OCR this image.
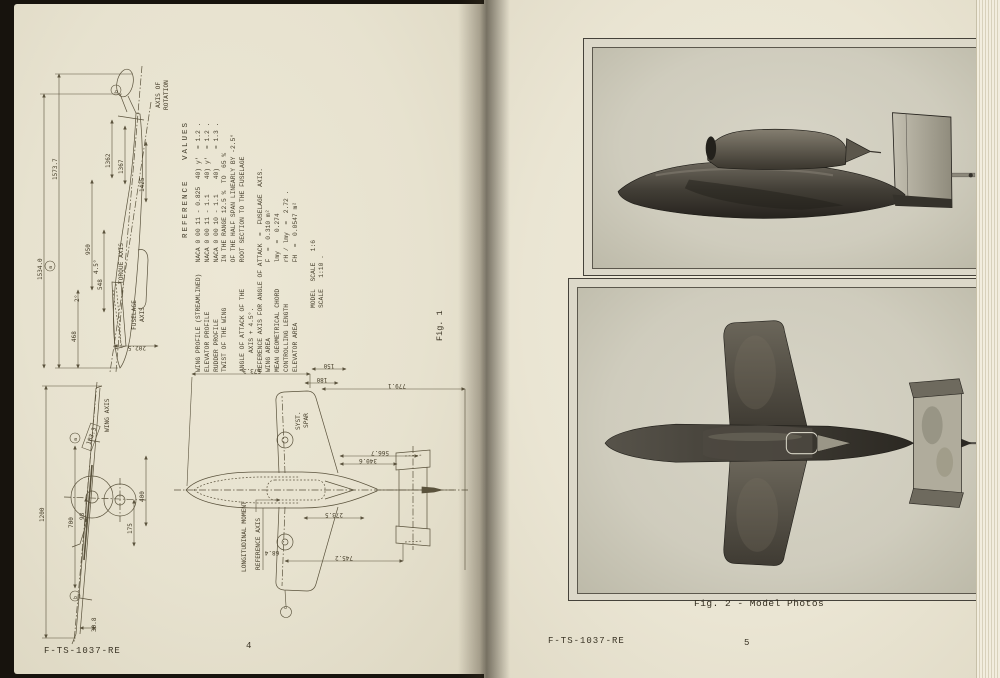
b
a
1573.7
1534.0
950
548
468
1362 1367
1425
202.5
4.5°
2°
AXIS OF ROTATION
TORQUE AXIS
FUSELAGE AXIS
REFERENCE   VALUES WING PROFILE (STREAMLINED)   NACA 0 00 11 - 0.825  40) y'  = 1.2 . ELEVATOR PROFILE             NACA 0 00 11 - 1.1    40) y'  = 1.2 . RUDDER PROFILE               NACA 0 00 10 - 1.1    40)     = 1.3 . TWIST OF THE WING            IN THE RANGE 12.5 %  TO  65 % OF THE HALF SPAN LINEARLY BY -2.5° ANGLE OF ATTACK OF THE       ROOT SECTION TO THE FUSELAGE AXIS + 4.5°. REFERENCE AXIS FOR ANGLE OF ATTACK  =  FUSELAGE  AXIS. WING AREA                    F  =  0.310 m² MEAN GEOMETRICAL CHORD       lmy  =  0.274 CONTROLLING LENGTH           rH / lmy  =  2.72 . ELEVATOR AREA                FH  =  0.0547 m² MODEL  SCALE   1:6 SCALE   1:10 .
Fig. 1
a
b
WING AXIS
1200
700
98
400
175
183.3
30.8
b
573.3
150
180
779.1
566.7
340.6
273.5
745.2
68.4
SYST. SPAR
LONGITUDINAL MOMENT REFERENCE AXIS
F-TS-1037-RE	4
Fig. 2 - Model Photos
F-TS-1037-RE	5
